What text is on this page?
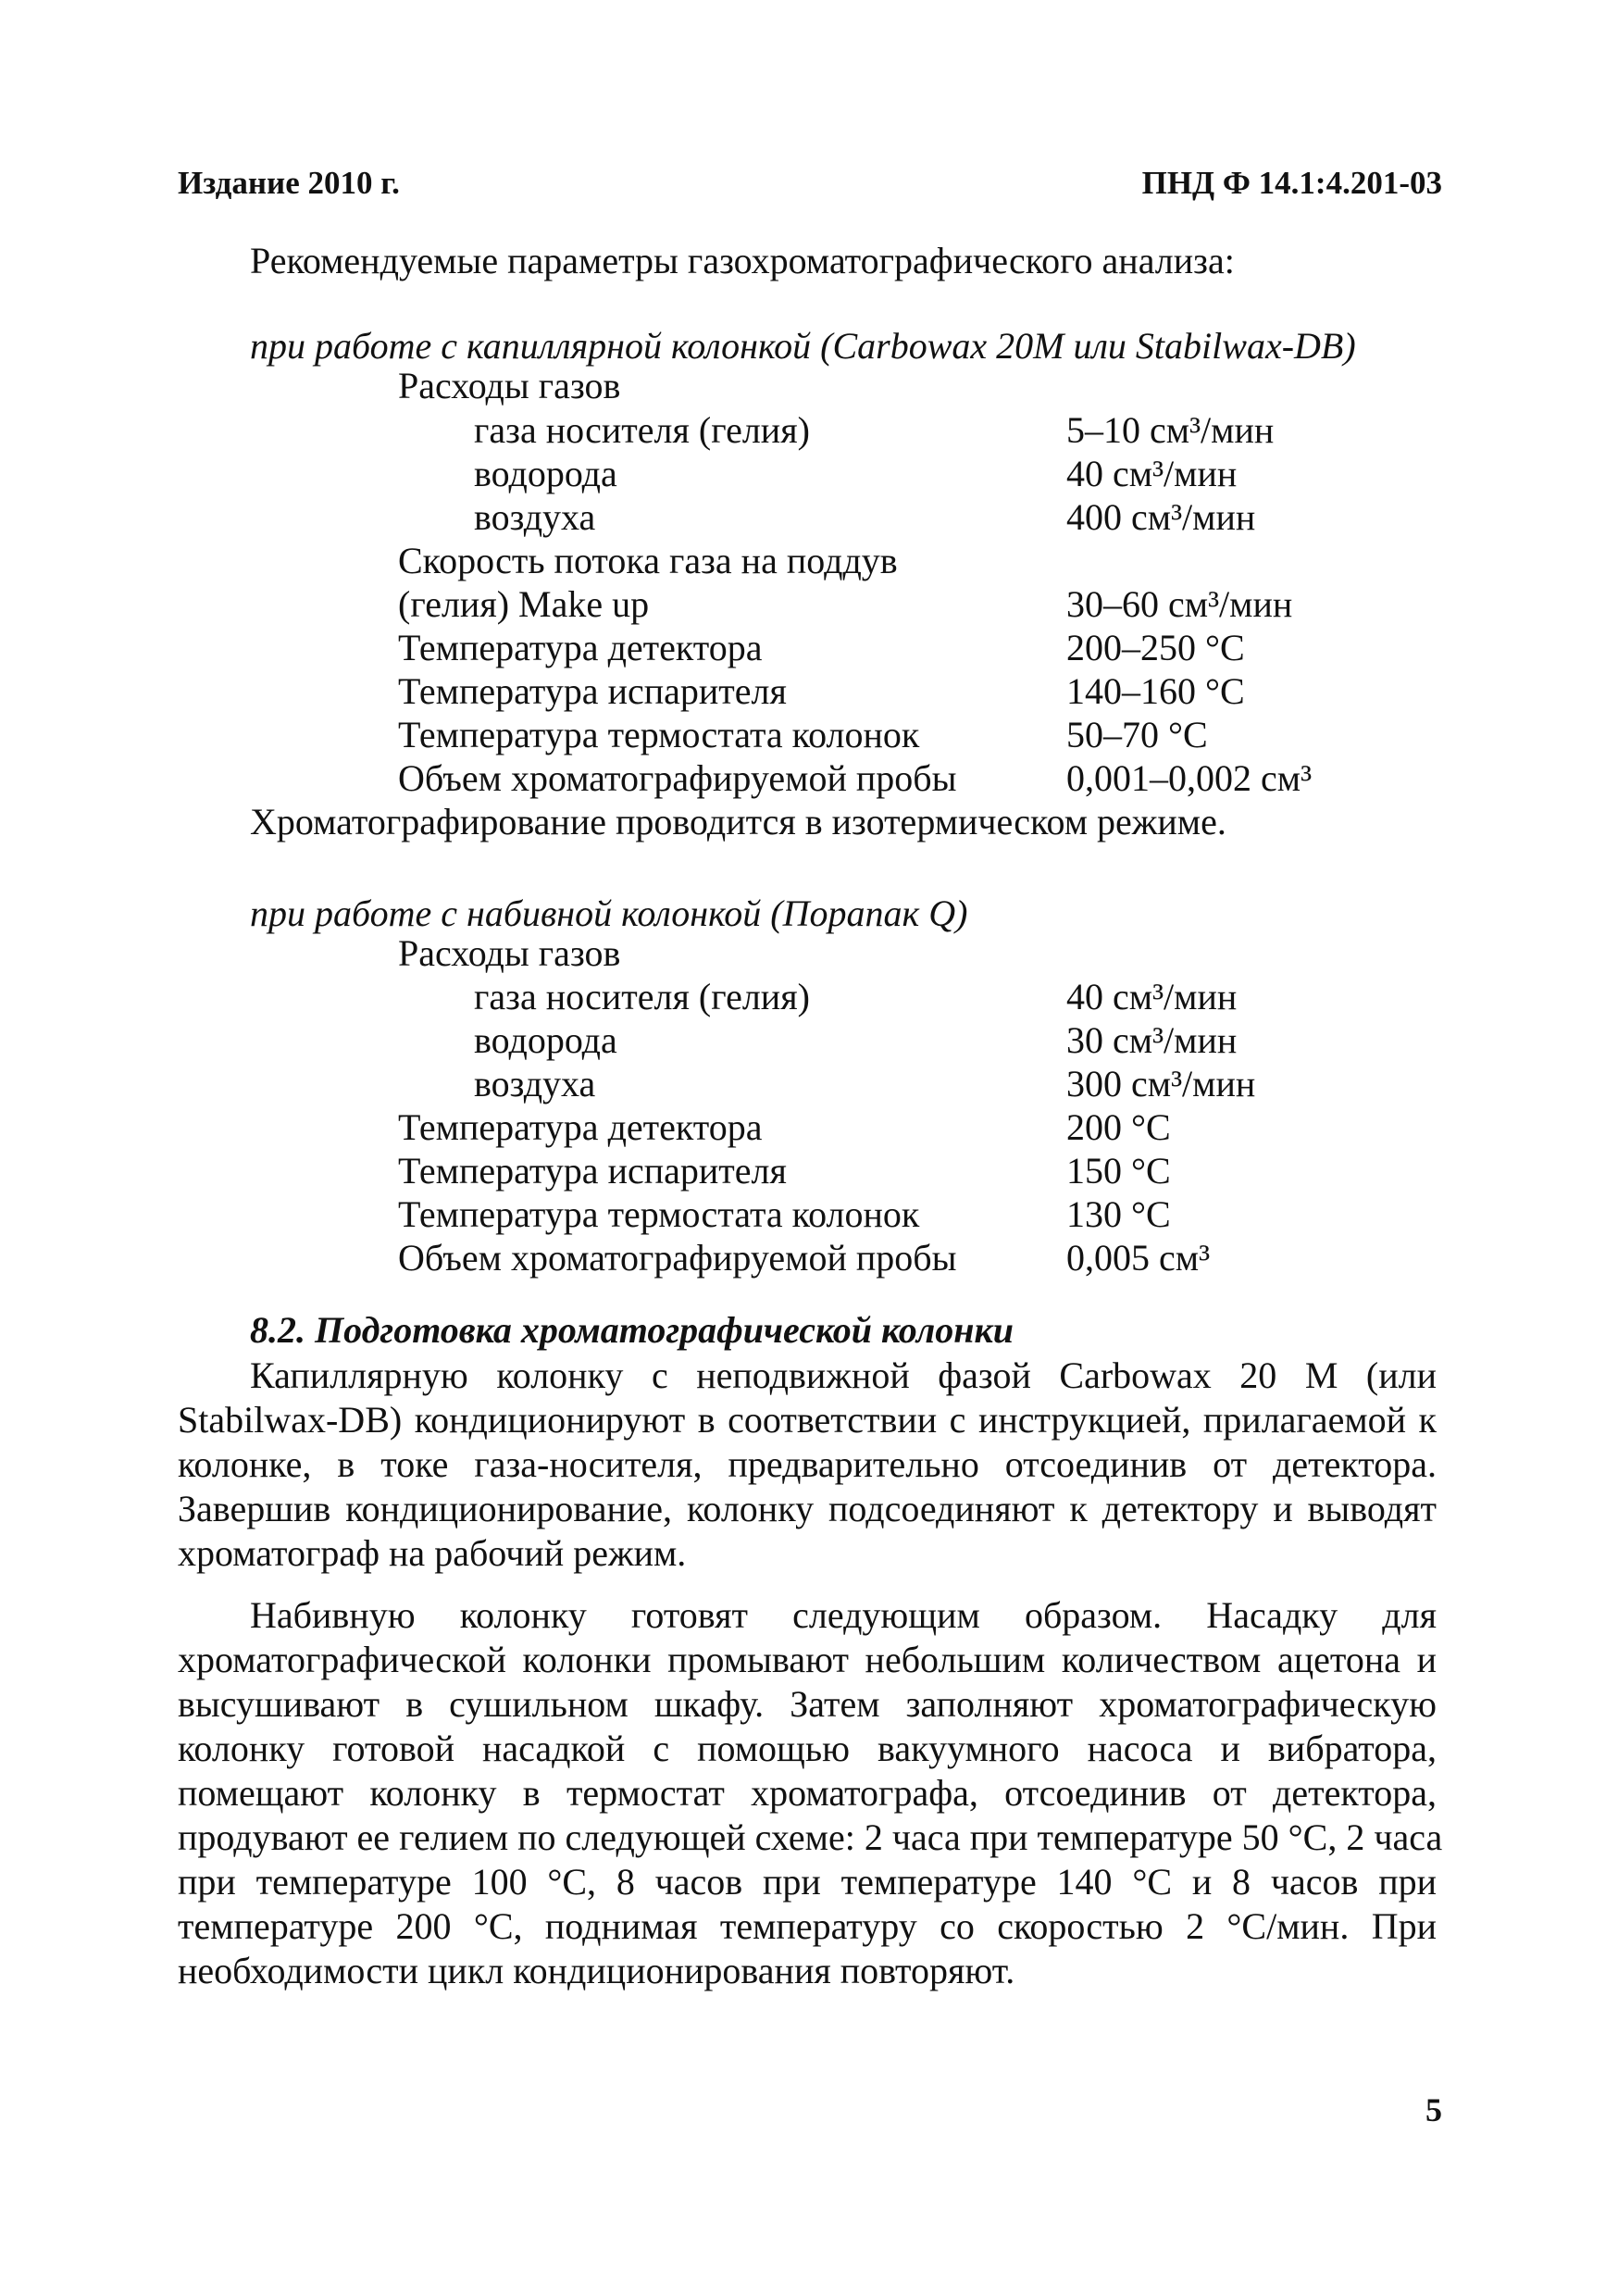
Издание 2010 г.	ПНД Ф 14.1:4.201-03
Рекомендуемые параметры газохроматографического анализа:
при работе с капиллярной колонкой (Carbowax 20M или Stabilwax-DB)
Расходы газов
газа носителя (гелия)	5–10 см³/мин
водорода	40 см³/мин
воздуха	400 см³/мин
Скорость потока газа на поддув
(гелия) Make up	30–60 см³/мин
Температура детектора	200–250 °С
Температура испарителя	140–160 °С
Температура термостата колонок	50–70 °С
Объем хроматографируемой пробы	0,001–0,002 см³
Хроматографирование проводится в изотермическом режиме.
при работе с набивной колонкой (Порапак Q)
Расходы газов
газа носителя (гелия)	40 см³/мин
водорода	30 см³/мин
воздуха	300 см³/мин
Температура детектора	200 °С
Температура испарителя	150 °С
Температура термостата колонок	130 °С
Объем хроматографируемой пробы	0,005 см³
8.2. Подготовка хроматографической колонки
Капиллярную колонку с неподвижной фазой Carbowax 20 M (или
Stabilwax-DB) кондиционируют в соответствии с инструкцией, прилагаемой к
колонке, в токе газа-носителя, предварительно отсоединив от детектора.
Завершив кондиционирование, колонку подсоединяют к детектору и выводят
хроматограф на рабочий режим.
Набивную колонку готовят следующим образом. Насадку для
хроматографической колонки промывают небольшим количеством ацетона и
высушивают в сушильном шкафу. Затем заполняют хроматографическую
колонку готовой насадкой с помощью вакуумного насоса и вибратора,
помещают колонку в термостат хроматографа, отсоединив от детектора,
продувают ее гелием по следующей схеме: 2 часа при температуре 50 °С, 2 часа
при температуре 100 °С, 8 часов при температуре 140 °С и 8 часов при
температуре 200 °С, поднимая температуру со скоростью 2 °С/мин. При
необходимости цикл кондиционирования повторяют.
5
